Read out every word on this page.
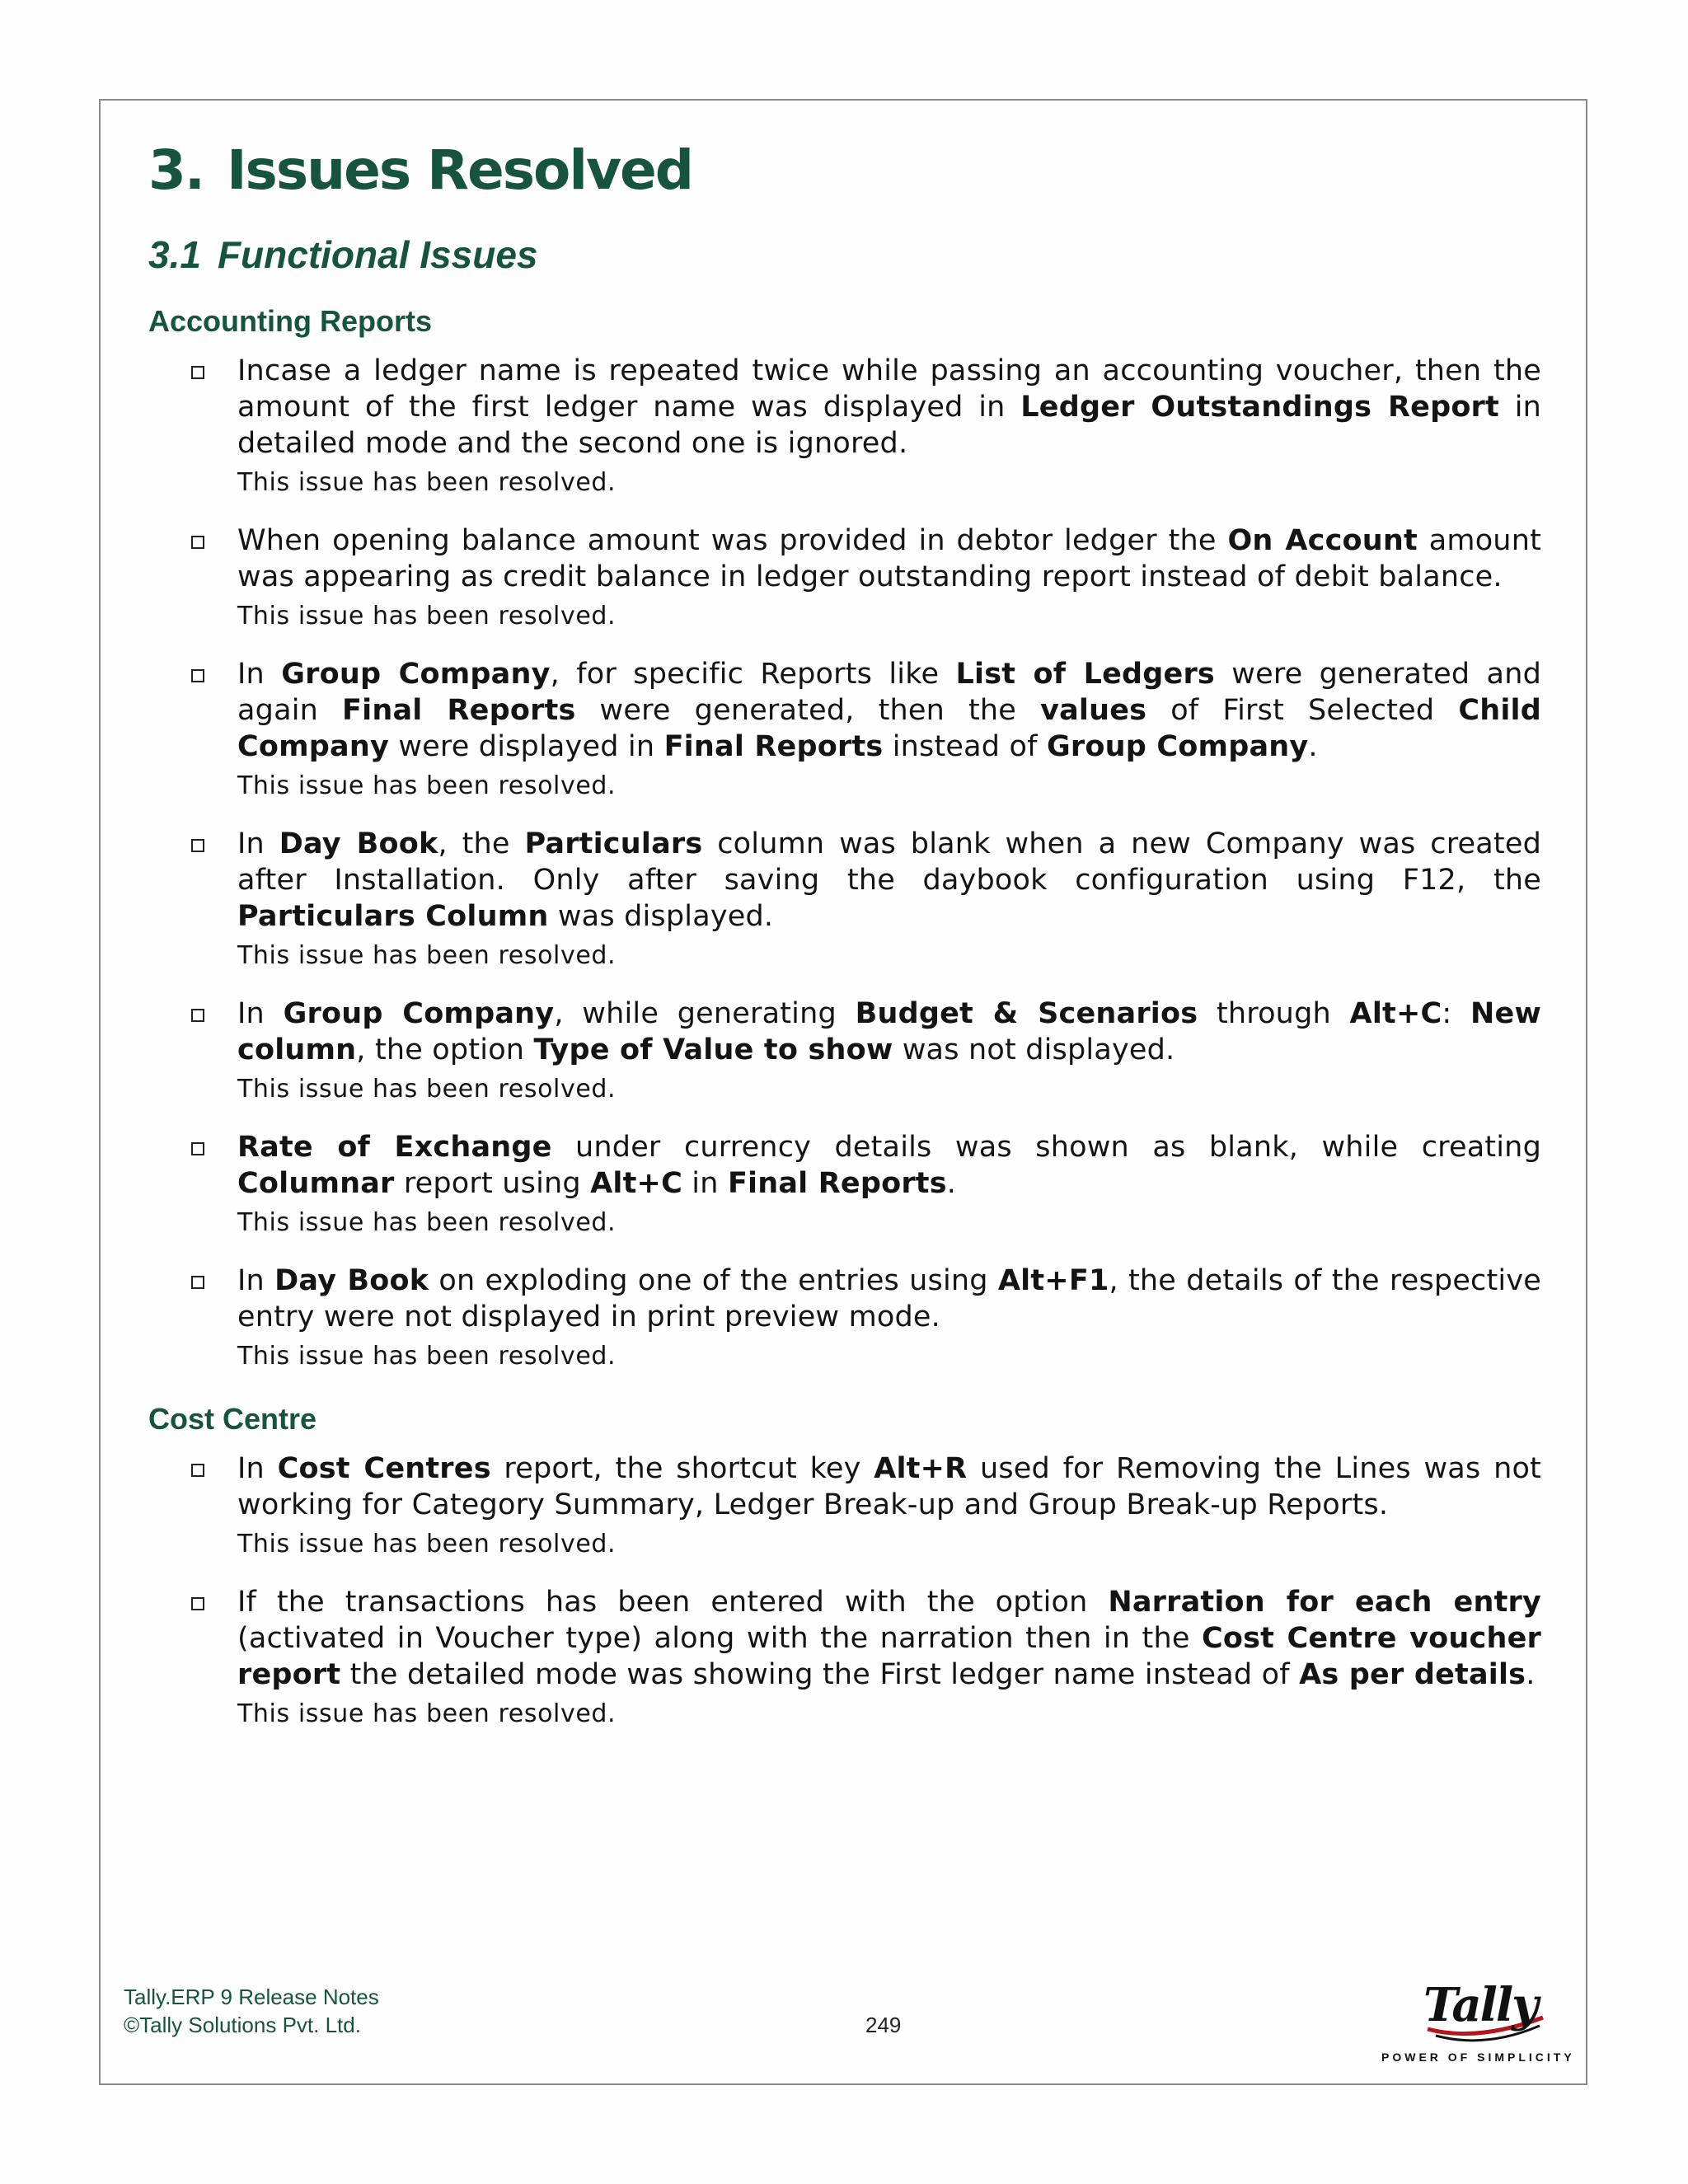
3. Issues Resolved
3.1 Functional Issues
Accounting Reports

Incase a ledger name is repeated twice while passing an accounting voucher, then the amount of the first ledger name was displayed in Ledger Outstandings Report in detailed mode and the second one is ignored.

This issue has been resolved.

When opening balance amount was provided in debtor ledger the On Account amount was appearing as credit balance in ledger outstanding report instead of debit balance.

This issue has been resolved.

In Group Company, for specific Reports like List of Ledgers were generated and again Final Reports were generated, then the values of First Selected Child Company were displayed in Final Reports instead of Group Company.

This issue has been resolved.

In Day Book, the Particulars column was blank when a new Company was created after Installation. Only after saving the daybook configuration using F12, the Particulars Column was displayed.

This issue has been resolved.

In Group Company, while generating Budget & Scenarios through Alt+C: New column, the option Type of Value to show was not displayed.

This issue has been resolved.

Rate of Exchange under currency details was shown as blank, while creating Columnar report using Alt+C in Final Reports.

This issue has been resolved.

In Day Book on exploding one of the entries using Alt+F1, the details of the respective entry were not displayed in print preview mode.

This issue has been resolved.

Cost Centre

In Cost Centres report, the shortcut key Alt+R used for Removing the Lines was not working for Category Summary, Ledger Break-up and Group Break-up Reports.

This issue has been resolved.

If the transactions has been entered with the option Narration for each entry (activated in Voucher type) along with the narration then in the Cost Centre voucher report the detailed mode was showing the First ledger name instead of As per details.

This issue has been resolved.

Tally.ERP 9 Release Notes
©Tally Solutions Pvt. Ltd.	249	Tally
POWER OF SIMPLICITY
